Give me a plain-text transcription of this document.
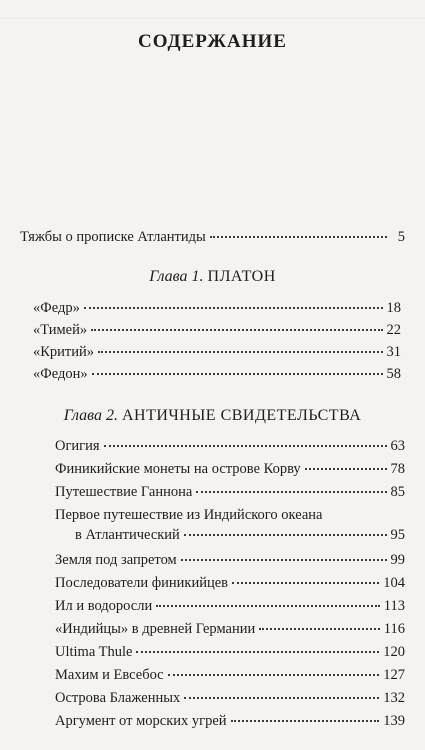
СОДЕРЖАНИЕ
Тяжбы о прописке Атлантиды	5
Глава 1. ПЛАТОН
«Федр»	18
«Тимей»	22
«Критий»	31
«Федон»	58
Глава 2. АНТИЧНЫЕ СВИДЕТЕЛЬСТВА
Огигия	63
Финикийские монеты на острове Корву	78
Путешествие Ганнона	85
Первое путешествие из Индийского океана
в Атлантический	95
Земля под запретом	99
Последователи финикийцев	104
Ил и водоросли	113
«Индийцы» в древней Германии	116
Ultima Thule	120
Махим и Евсебос	127
Острова Блаженных	132
Аргумент от морских угрей	139
